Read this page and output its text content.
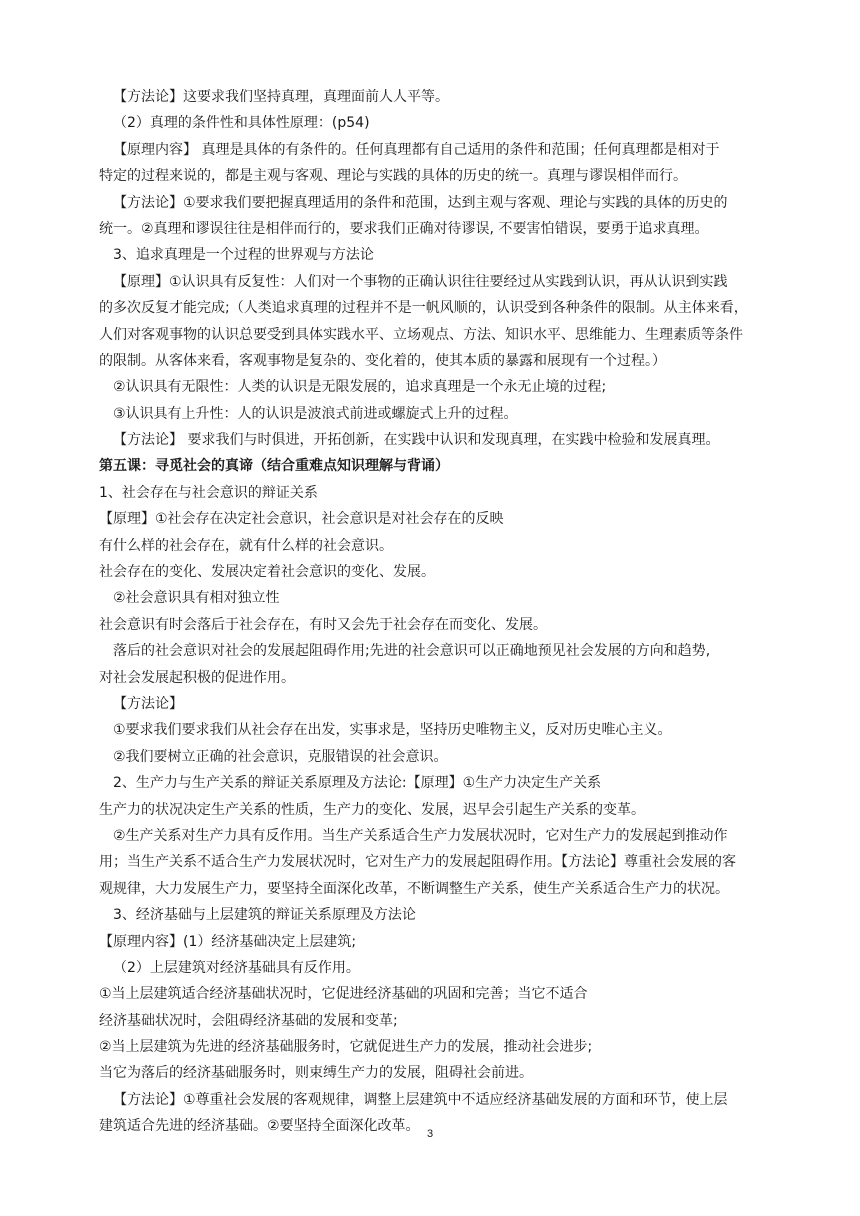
【方法论】这要求我们坚持真理，真理面前人人平等。
（2）真理的条件性和具体性原理：(p54)
【原理内容】 真理是具体的有条件的。任何真理都有自己适用的条件和范围；任何真理都是相对于
特定的过程来说的，都是主观与客观、理论与实践的具体的历史的统一。真理与谬误相伴而行。
【方法论】①要求我们要把握真理适用的条件和范围，达到主观与客观、理论与实践的具体的历史的
统一。②真理和谬误往往是相伴而行的，要求我们正确对待谬误, 不要害怕错误，要勇于追求真理。
3、追求真理是一个过程的世界观与方法论
【原理】①认识具有反复性：人们对一个事物的正确认识往往要经过从实践到认识，再从认识到实践
的多次反复才能完成;（人类追求真理的过程并不是一帆风顺的，认识受到各种条件的限制。从主体来看，
人们对客观事物的认识总要受到具体实践水平、立场观点、方法、知识水平、思维能力、生理素质等条件
的限制。从客体来看，客观事物是复杂的、变化着的，使其本质的暴露和展现有一个过程。）
②认识具有无限性：人类的认识是无限发展的，追求真理是一个永无止境的过程;
③认识具有上升性：人的认识是波浪式前进或螺旋式上升的过程。
【方法论】 要求我们与时俱进，开拓创新，在实践中认识和发现真理，在实践中检验和发展真理。
第五课：寻觅社会的真谛（结合重难点知识理解与背诵）
1、社会存在与社会意识的辩证关系
【原理】①社会存在决定社会意识，社会意识是对社会存在的反映
有什么样的社会存在，就有什么样的社会意识。
社会存在的变化、发展决定着社会意识的变化、发展。
②社会意识具有相对独立性
社会意识有时会落后于社会存在，有时又会先于社会存在而变化、发展。
落后的社会意识对社会的发展起阻碍作用;先进的社会意识可以正确地预见社会发展的方向和趋势,
对社会发展起积极的促进作用。
【方法论】
①要求我们要求我们从社会存在出发，实事求是，坚持历史唯物主义，反对历史唯心主义。
②我们要树立正确的社会意识，克服错误的社会意识。
2、生产力与生产关系的辩证关系原理及方法论:【原理】①生产力决定生产关系
生产力的状况决定生产关系的性质，生产力的变化、发展，迟早会引起生产关系的变革。
②生产关系对生产力具有反作用。当生产关系适合生产力发展状况时，它对生产力的发展起到推动作
用；当生产关系不适合生产力发展状况时，它对生产力的发展起阻碍作用。【方法论】尊重社会发展的客
观规律，大力发展生产力，要坚持全面深化改革，不断调整生产关系，使生产关系适合生产力的状况。
3、经济基础与上层建筑的辩证关系原理及方法论
【原理内容】(1）经济基础决定上层建筑;
（2）上层建筑对经济基础具有反作用。
①当上层建筑适合经济基础状况时，它促进经济基础的巩固和完善；当它不适合
经济基础状况时，会阻碍经济基础的发展和变革;
②当上层建筑为先进的经济基础服务时，它就促进生产力的发展，推动社会进步;
当它为落后的经济基础服务时，则束缚生产力的发展，阻碍社会前进。
【方法论】①尊重社会发展的客观规律，调整上层建筑中不适应经济基础发展的方面和环节，使上层
建筑适合先进的经济基础。②要坚持全面深化改革。 3
